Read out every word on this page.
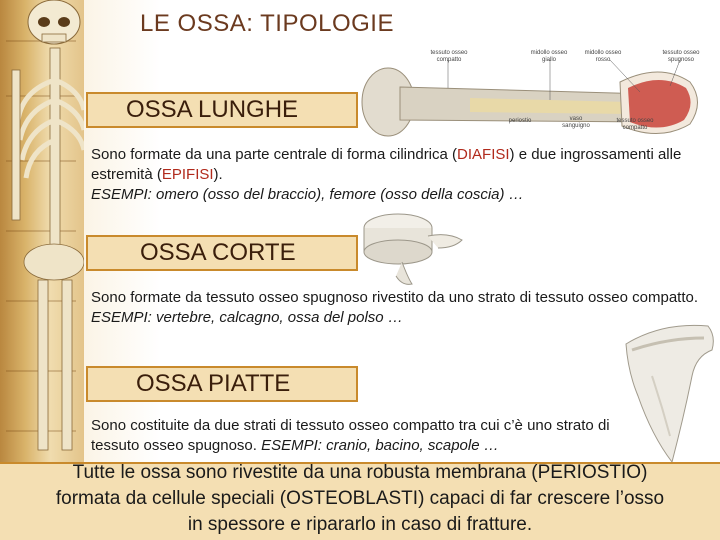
LE OSSA: TIPOLOGIE
tessuto osseo compatto
midollo osseo giallo
midollo osseo rosso
tessuto osseo spugnoso
periostio	vaso sanguigno
tessuto osseo compatto
OSSA LUNGHE
Sono formate da una parte centrale di forma cilindrica (DIAFISI) e due ingrossamenti alle estremità (EPIFISI).
ESEMPI: omero (osso del braccio), femore (osso della coscia) …
OSSA CORTE
Sono formate da tessuto osseo spugnoso rivestito da uno strato di tessuto osseo compatto.
ESEMPI: vertebre, calcagno, ossa del polso …
OSSA PIATTE
Sono costituite da due strati di tessuto osseo compatto tra cui c’è uno strato di tessuto osseo spugnoso. ESEMPI: cranio, bacino, scapole …
Tutte le ossa sono rivestite da una robusta membrana (PERIOSTIO)
formata da cellule speciali (OSTEOBLASTI) capaci di far crescere l’osso
in spessore e ripararlo in caso di fratture.
